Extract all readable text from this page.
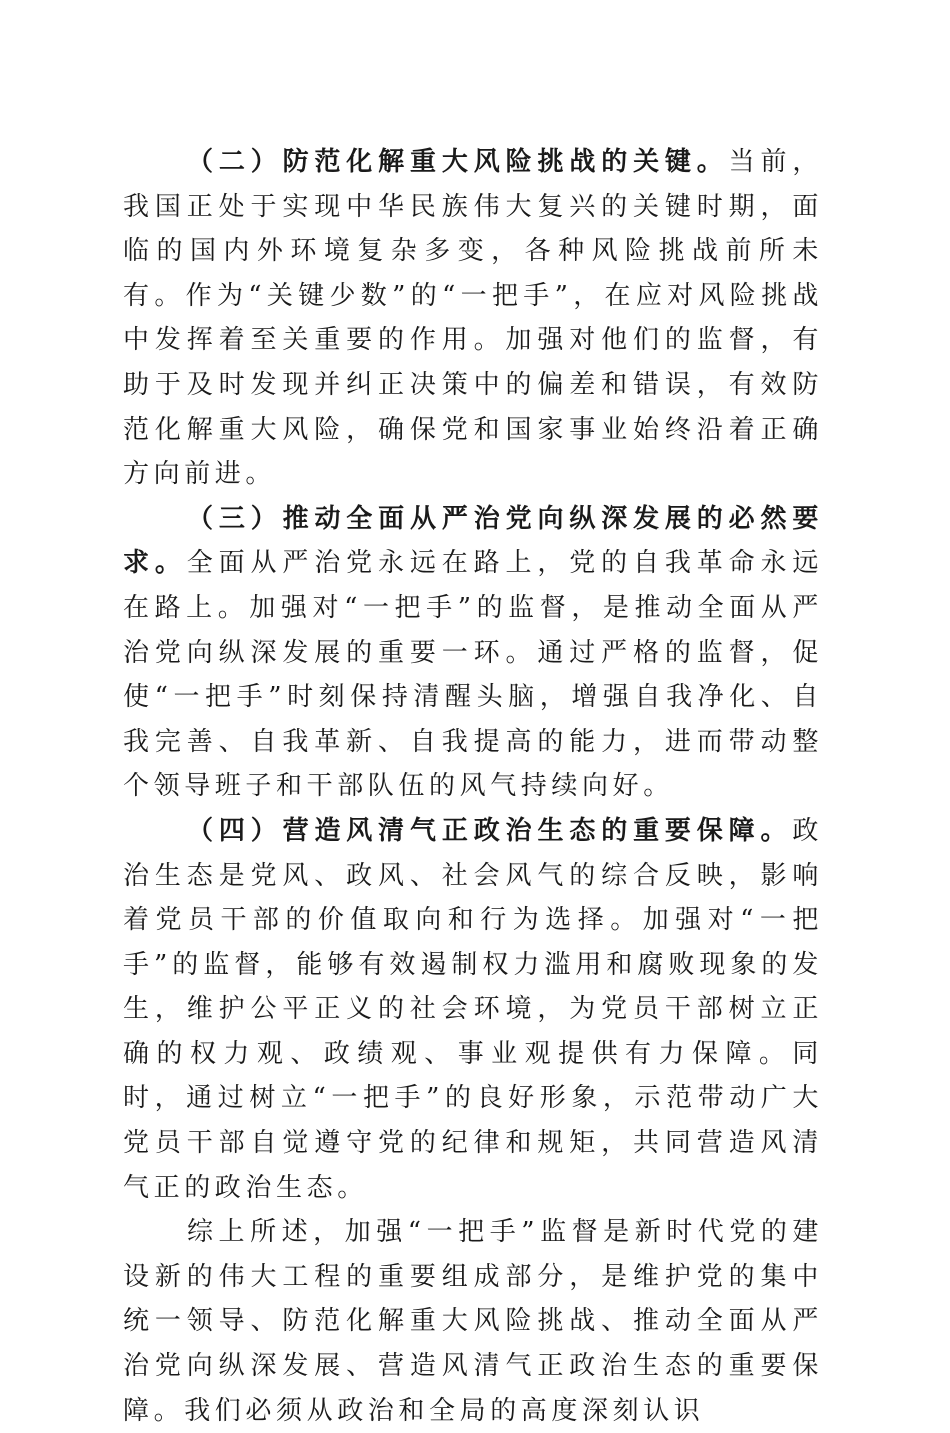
（二）防范化解重大风险挑战的关键。当前，我国正处于实现中华民族伟大复兴的关键时期，面临的国内外环境复杂多变，各种风险挑战前所未有。作为“关键少数”的“一把手”，在应对风险挑战中发挥着至关重要的作用。加强对他们的监督，有助于及时发现并纠正决策中的偏差和错误，有效防范化解重大风险，确保党和国家事业始终沿着正确方向前进。

（三）推动全面从严治党向纵深发展的必然要求。全面从严治党永远在路上，党的自我革命永远在路上。加强对“一把手”的监督，是推动全面从严治党向纵深发展的重要一环。通过严格的监督，促使“一把手”时刻保持清醒头脑，增强自我净化、自我完善、自我革新、自我提高的能力，进而带动整个领导班子和干部队伍的风气持续向好。

（四）营造风清气正政治生态的重要保障。政治生态是党风、政风、社会风气的综合反映，影响着党员干部的价值取向和行为选择。加强对“一把手”的监督，能够有效遏制权力滥用和腐败现象的发生，维护公平正义的社会环境，为党员干部树立正确的权力观、政绩观、事业观提供有力保障。同时，通过树立“一把手”的良好形象，示范带动广大党员干部自觉遵守党的纪律和规矩，共同营造风清气正的政治生态。

综上所述，加强“一把手”监督是新时代党的建设新的伟大工程的重要组成部分，是维护党的集中统一领导、防范化解重大风险挑战、推动全面从严治党向纵深发展、营造风清气正政治生态的重要保障。我们必须从政治和全局的高度深刻认识
